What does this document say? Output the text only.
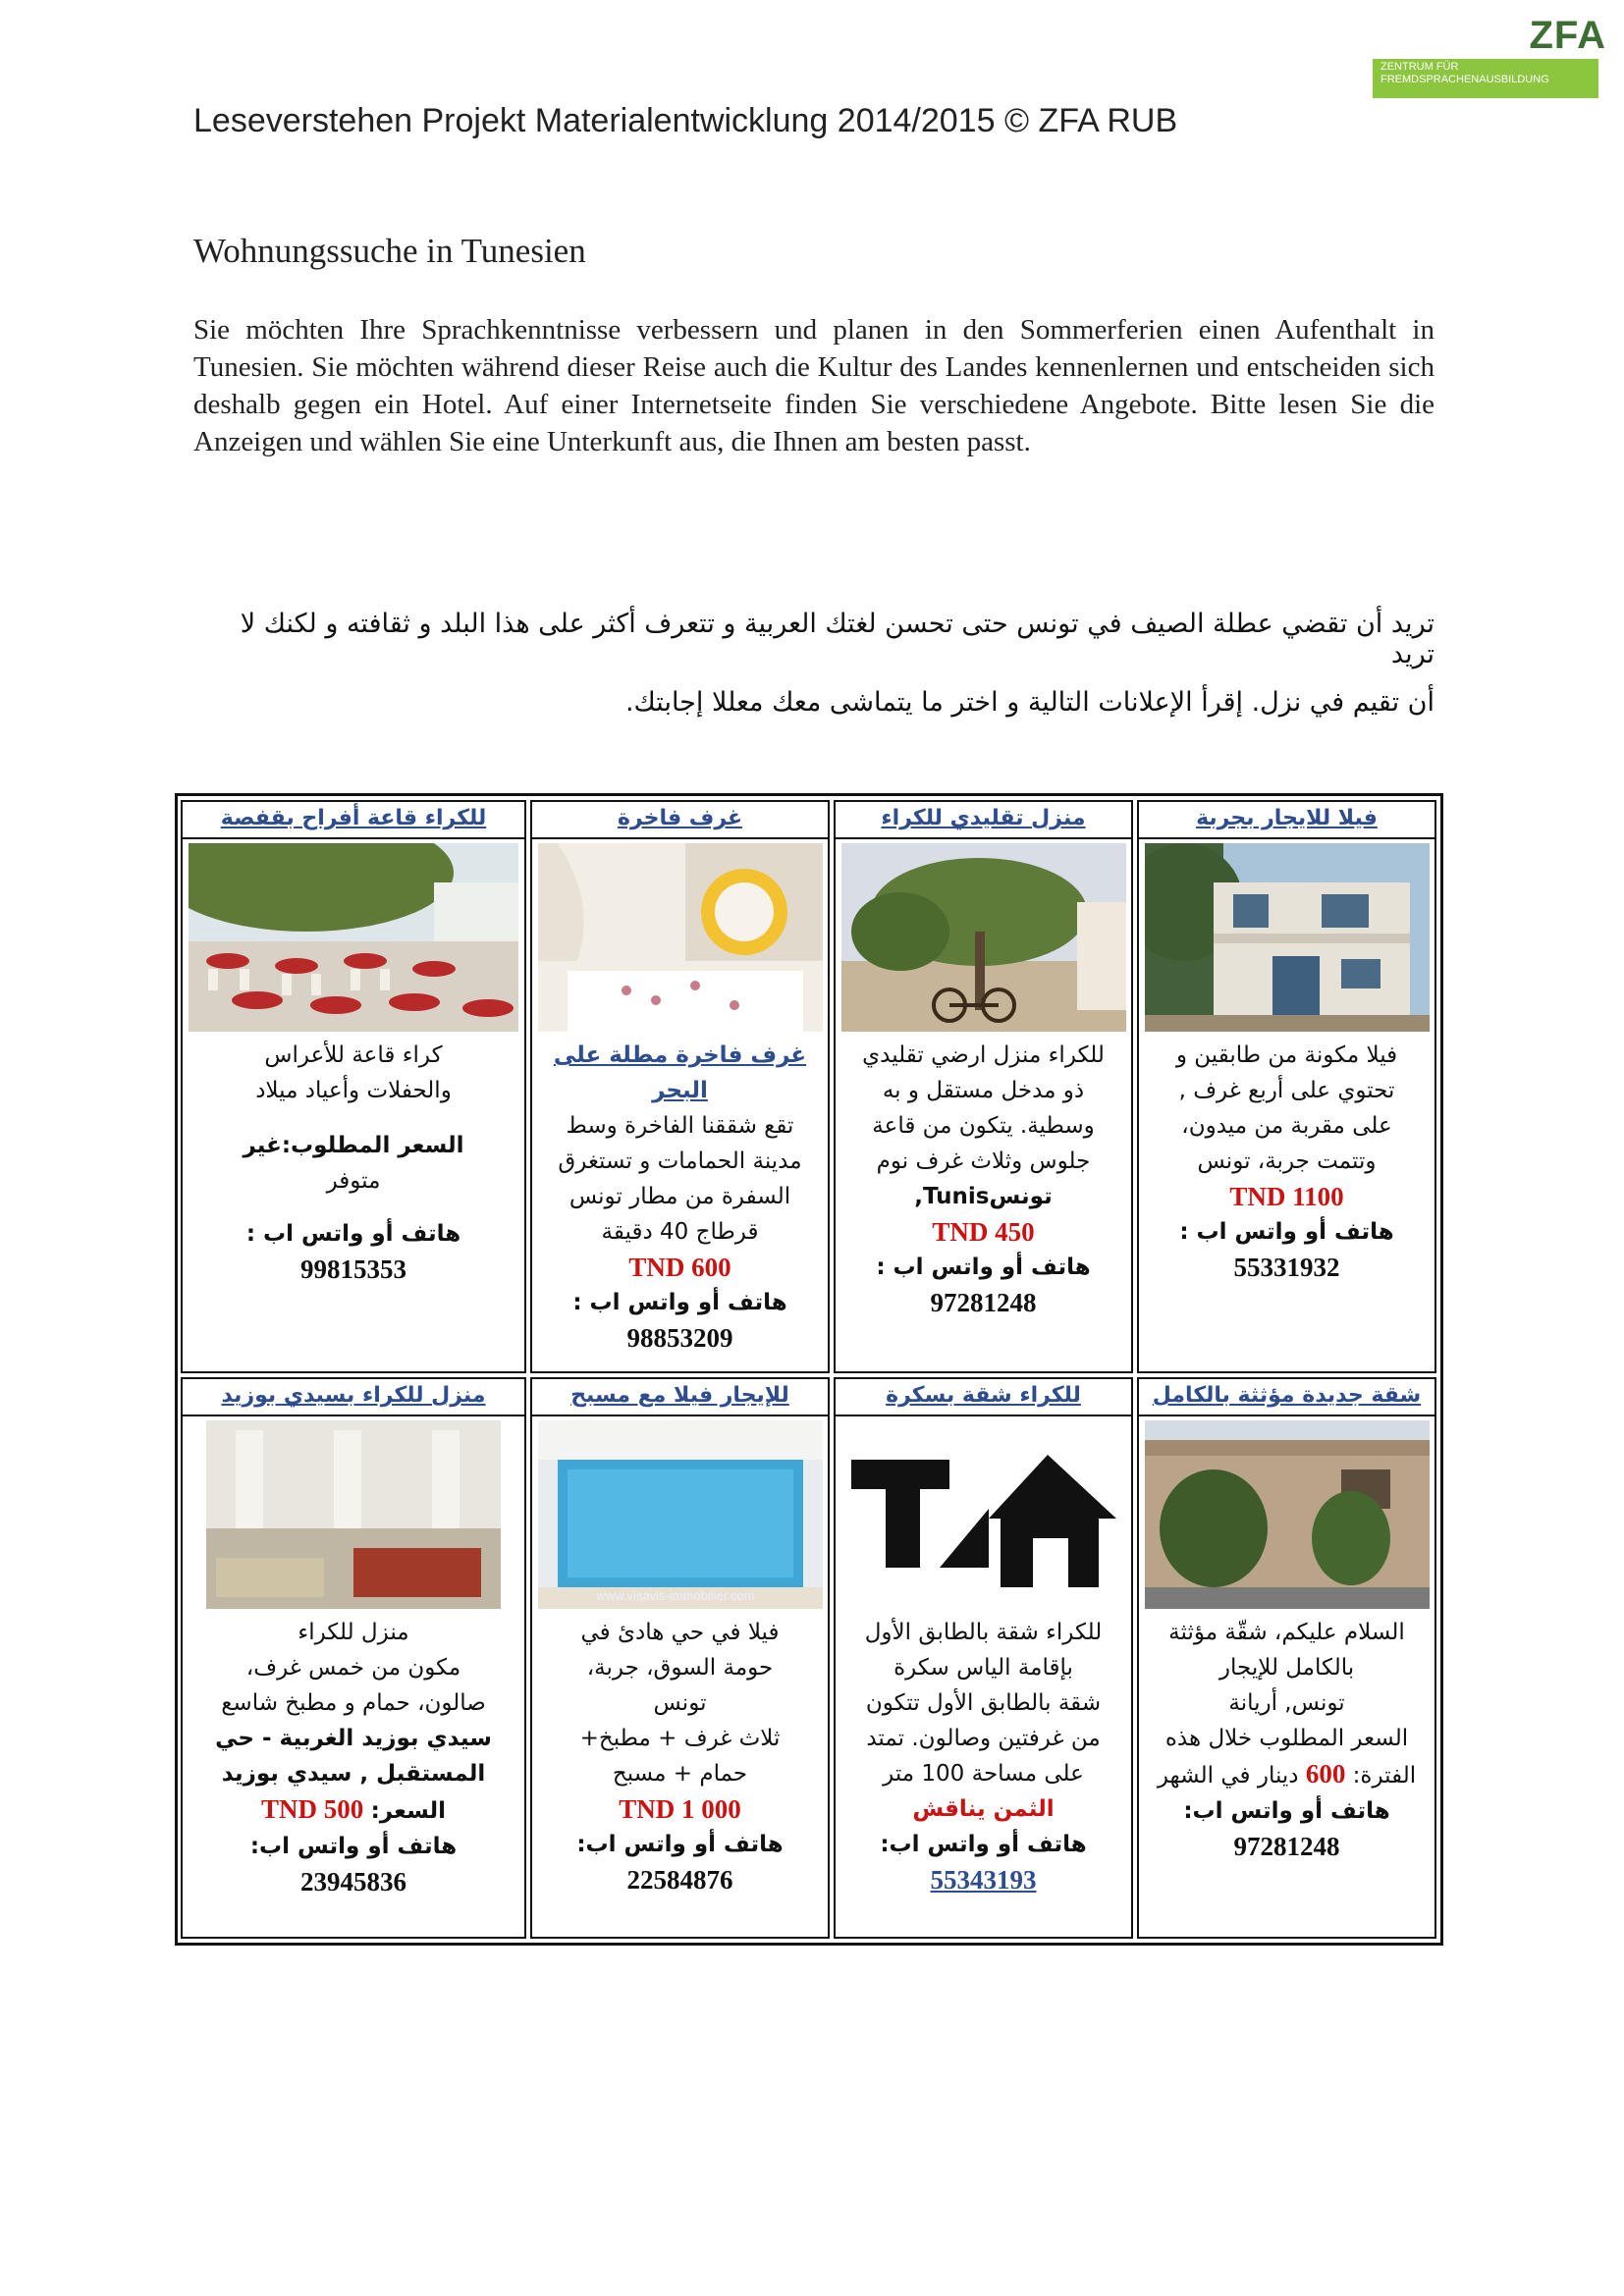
ZFA
ZENTRUM FÜR
FREMDSPRACHENAUSBILDUNG
Leseverstehen Projekt Materialentwicklung 2014/2015 © ZFA RUB
Wohnungssuche in Tunesien

Sie möchten Ihre Sprachkenntnisse verbessern und planen in den Sommerferien einen Aufenthalt in Tunesien. Sie möchten während dieser Reise auch die Kultur des Landes kennenlernen und entscheiden sich deshalb gegen ein Hotel. Auf einer Internetseite finden Sie verschiedene Angebote. Bitte lesen Sie die Anzeigen und wählen Sie eine Unterkunft aus, die Ihnen am besten passt.

تريد أن تقضي عطلة الصيف في تونس حتى تحسن لغتك العربية و تتعرف أكثر على هذا البلد و ثقافته و لكنك لا تريد
أن تقيم في نزل. إقرأ الإعلانات التالية و اختر ما يتماشى معك معللا إجابتك.
فيلا للايجار بجربة
فيلا مكونة من طابقين و
تحتوي على أربع غرف ,
على مقربة من ميدون،
وتتمت جربة، تونس
TND 1100
هاتف أو واتس اب :
55331932
منزل تقليدي للكراء
للكراء منزل ارضي تقليدي
ذو مدخل مستقل و به
وسطية. يتكون من قاعة
جلوس وثلاث غرف نوم
تونسTunis,
TND 450
هاتف أو واتس اب :
97281248
غرف فاخرة
غرف فاخرة مطلة على البحر
تقع شققنا الفاخرة وسط
مدينة الحمامات و تستغرق
السفرة من مطار تونس
قرطاج 40 دقيقة
TND 600
هاتف أو واتس اب :
98853209
للكراء قاعة أفراح بقفصة
كراء قاعة للأعراس
والحفلات وأعياد ميلاد
السعر المطلوب:غير
متوفر
هاتف أو واتس اب :
99815353
شقة جديدة مؤثثة بالكامل
السلام عليكم، شقّة مؤثثة
بالكامل للإيجار
تونس, أريانة
السعر المطلوب خلال هذه
الفترة: 600 دينار في الشهر
هاتف أو واتس اب:
97281248
للكراء شقة بسكرة
للكراء شقة بالطابق الأول
بإقامة الياس سكرة
شقة بالطابق الأول تتكون
من غرفتين وصالون. تمتد
على مساحة 100 متر
الثمن يناقش
هاتف أو واتس اب:
55343193
للإيجار فيلا مع مسبح
www.visavis-immobilier.com
فيلا في حي هادئ في
حومة السوق، جربة،
تونس
ثلاث غرف + مطبخ+
حمام + مسبح
TND 1 000
هاتف أو واتس اب:
22584876
منزل للكراء بسيدي بوزيد
منزل للكراء
مكون من خمس غرف،
صالون، حمام و مطبخ شاسع
سيدي بوزيد الغربية - حي
المستقبل , سيدي بوزيد
السعر: TND 500
هاتف أو واتس اب:
23945836
